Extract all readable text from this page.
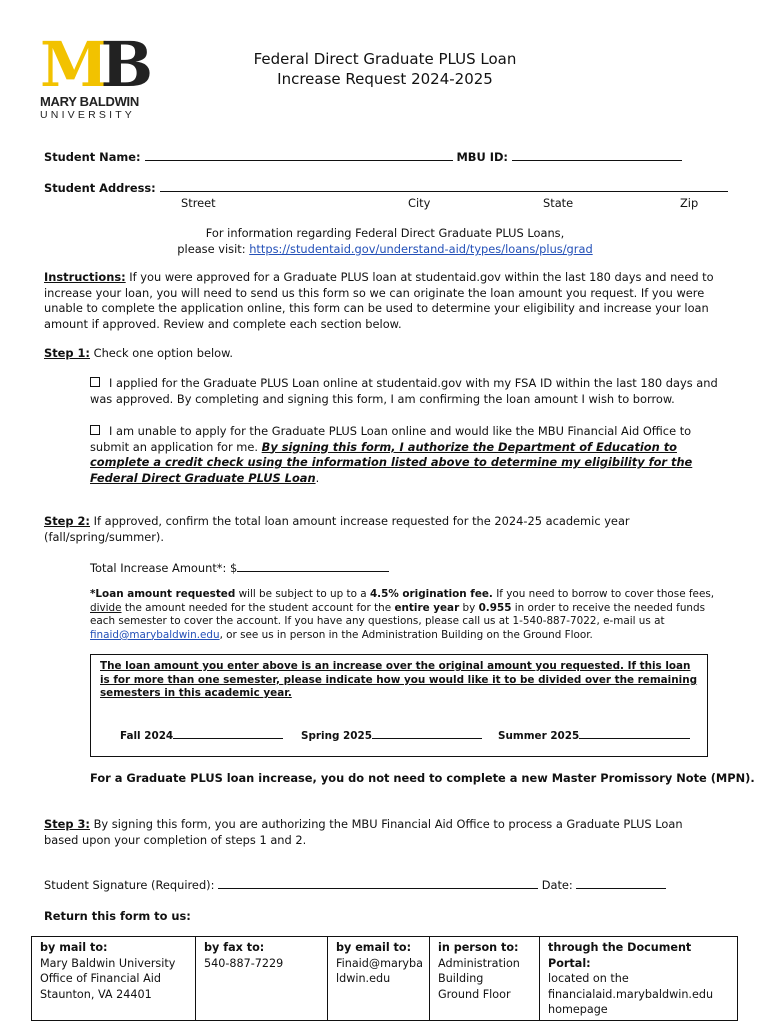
MB
MARY BALDWIN
UNIVERSITY
Federal Direct Graduate PLUS Loan
Increase Request 2024-2025
Student Name:	MBU ID:
Student Address:
Street	City	State	Zip
For information regarding Federal Direct Graduate PLUS Loans,
please visit: https://studentaid.gov/understand-aid/types/loans/plus/grad
Instructions: If you were approved for a Graduate PLUS loan at studentaid.gov within the last 180 days and need to increase your loan, you will need to send us this form so we can originate the loan amount you request. If you were unable to complete the application online, this form can be used to determine your eligibility and increase your loan amount if approved. Review and complete each section below.
Step 1: Check one option below.
I applied for the Graduate PLUS Loan online at studentaid.gov with my FSA ID within the last 180 days and was approved. By completing and signing this form, I am confirming the loan amount I wish to borrow.
I am unable to apply for the Graduate PLUS Loan online and would like the MBU Financial Aid Office to submit an application for me. By signing this form, I authorize the Department of Education to complete a credit check using the information listed above to determine my eligibility for the Federal Direct Graduate PLUS Loan.
Step 2: If approved, confirm the total loan amount increase requested for the 2024-25 academic year (fall/spring/summer).
Total Increase Amount*: $
*Loan amount requested will be subject to up to a 4.5% origination fee. If you need to borrow to cover those fees, divide the amount needed for the student account for the entire year by 0.955 in order to receive the needed funds each semester to cover the account. If you have any questions, please call us at 1-540-887-7022, e-mail us at finaid@marybaldwin.edu, or see us in person in the Administration Building on the Ground Floor.
The loan amount you enter above is an increase over the original amount you requested. If this loan is for more than one semester, please indicate how you would like it to be divided over the remaining semesters in this academic year.
Fall 2024	Spring 2025	Summer 2025
For a Graduate PLUS loan increase, you do not need to complete a new Master Promissory Note (MPN).
Step 3: By signing this form, you are authorizing the MBU Financial Aid Office to process a Graduate PLUS Loan based upon your completion of steps 1 and 2.
Student Signature (Required):	Date:
Return this form to us:
by mail to:
Mary Baldwin University
Office of Financial Aid
Staunton, VA 24401

by fax to:
540-887-7229

by email to:
Finaid@maryba
ldwin.edu

in person to:
Administration
Building
Ground Floor

through the Document Portal:
located on the
financialaid.marybaldwin.edu
homepage
